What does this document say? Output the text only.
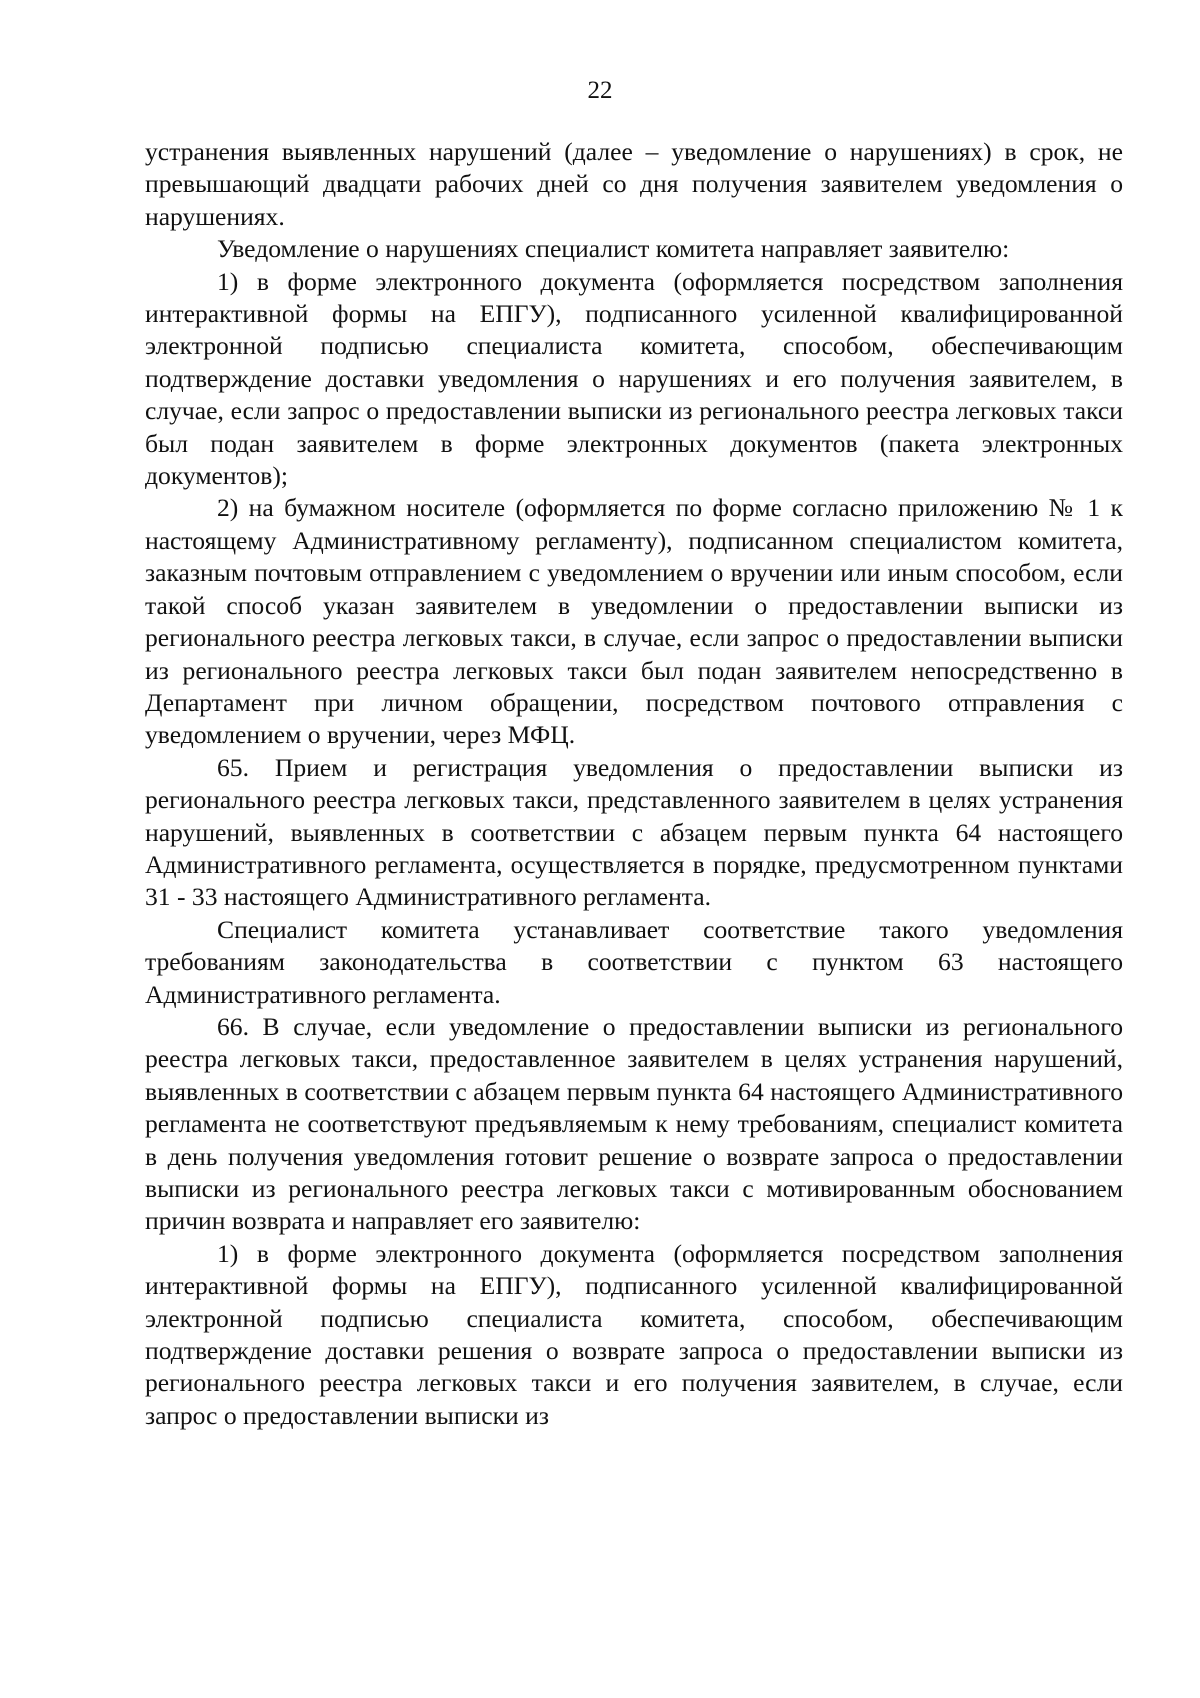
22

устранения выявленных нарушений (далее – уведомление о нарушениях) в срок, не превышающий двадцати рабочих дней со дня получения заявителем уведомления о нарушениях.

Уведомление о нарушениях специалист комитета направляет заявителю:

1) в форме электронного документа (оформляется посредством заполнения интерактивной формы на ЕПГУ), подписанного усиленной квалифицированной электронной подписью специалиста комитета, способом, обеспечивающим подтверждение доставки уведомления о нарушениях и его получения заявителем, в случае, если запрос о предоставлении выписки из регионального реестра легковых такси был подан заявителем в форме электронных документов (пакета электронных документов);

2) на бумажном носителе (оформляется по форме согласно приложению № 1 к настоящему Административному регламенту), подписанном специалистом комитета, заказным почтовым отправлением с уведомлением о вручении или иным способом, если такой способ указан заявителем в уведомлении о предоставлении выписки из регионального реестра легковых такси, в случае, если запрос о предоставлении выписки из регионального реестра легковых такси был подан заявителем непосредственно в Департамент при личном обращении, посредством почтового отправления с уведомлением о вручении, через МФЦ.

65. Прием и регистрация уведомления о предоставлении выписки из регионального реестра легковых такси, представленного заявителем в целях устранения нарушений, выявленных в соответствии с абзацем первым пункта 64 настоящего Административного регламента, осуществляется в порядке, предусмотренном пунктами 31 - 33 настоящего Административного регламента.

Специалист комитета устанавливает соответствие такого уведомления требованиям законодательства в соответствии с пунктом 63 настоящего Административного регламента.

66. В случае, если уведомление о предоставлении выписки из регионального реестра легковых такси, предоставленное заявителем в целях устранения нарушений, выявленных в соответствии с абзацем первым пункта 64 настоящего Административного регламента не соответствуют предъявляемым к нему требованиям, специалист комитета в день получения уведомления готовит решение о возврате запроса о предоставлении выписки из регионального реестра легковых такси с мотивированным обоснованием причин возврата и направляет его заявителю:

1) в форме электронного документа (оформляется посредством заполнения интерактивной формы на ЕПГУ), подписанного усиленной квалифицированной электронной подписью специалиста комитета, способом, обеспечивающим подтверждение доставки решения о возврате запроса о предоставлении выписки из регионального реестра легковых такси и его получения заявителем, в случае, если запрос о предоставлении выписки из
